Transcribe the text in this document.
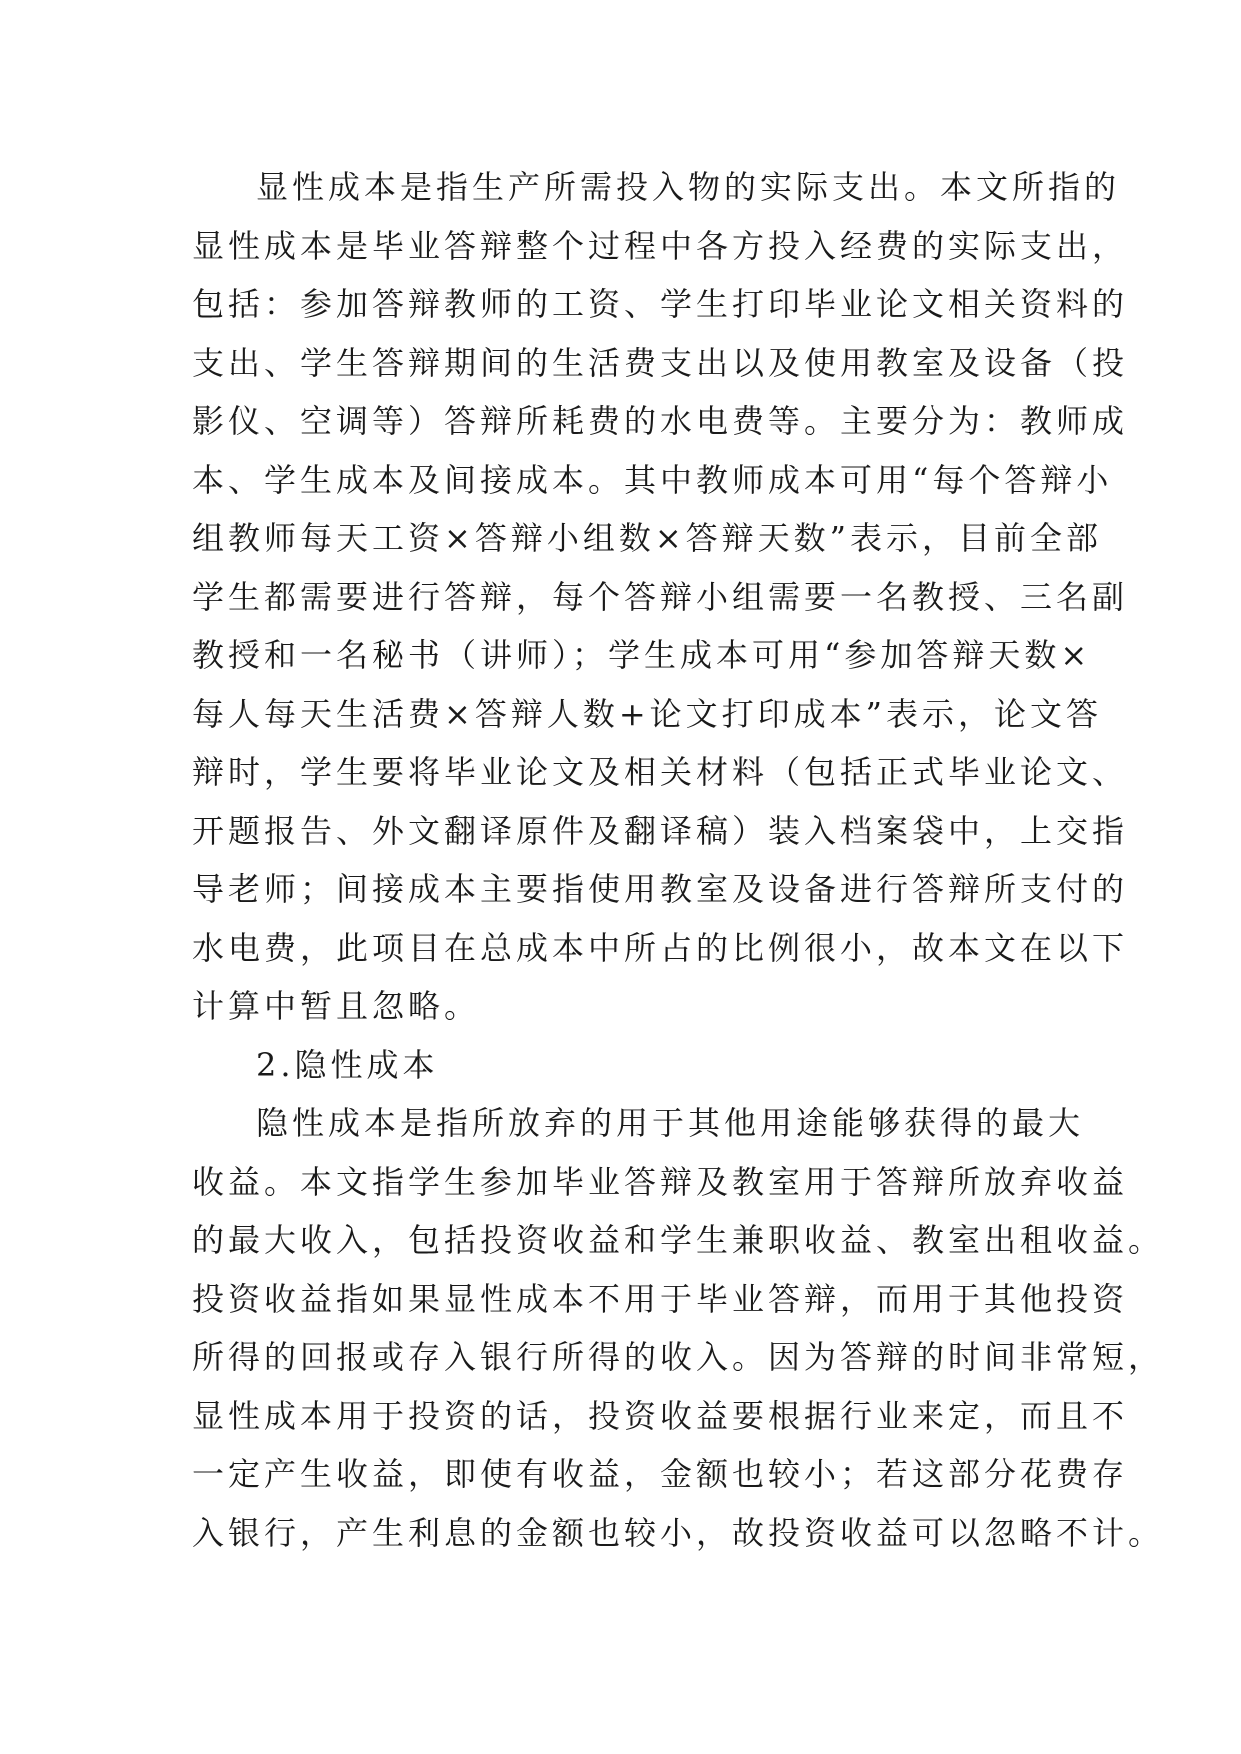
显性成本是指生产所需投入物的实际支出。本文所指的
显性成本是毕业答辩整个过程中各方投入经费的实际支出，
包括：参加答辩教师的工资、学生打印毕业论文相关资料的
支出、学生答辩期间的生活费支出以及使用教室及设备（投
影仪、空调等）答辩所耗费的水电费等。主要分为：教师成
本、学生成本及间接成本。其中教师成本可用“每个答辩小
组教师每天工资×答辩小组数×答辩天数”表示，目前全部
学生都需要进行答辩，每个答辩小组需要一名教授、三名副
教授和一名秘书（讲师）；学生成本可用“参加答辩天数×
每人每天生活费×答辩人数+论文打印成本”表示，论文答
辩时，学生要将毕业论文及相关材料（包括正式毕业论文、
开题报告、外文翻译原件及翻译稿）装入档案袋中，上交指
导老师；间接成本主要指使用教室及设备进行答辩所支付的
水电费，此项目在总成本中所占的比例很小，故本文在以下
计算中暂且忽略。
2.隐性成本
隐性成本是指所放弃的用于其他用途能够获得的最大
收益。本文指学生参加毕业答辩及教室用于答辩所放弃收益
的最大收入，包括投资收益和学生兼职收益、教室出租收益。
投资收益指如果显性成本不用于毕业答辩，而用于其他投资
所得的回报或存入银行所得的收入。因为答辩的时间非常短，
显性成本用于投资的话，投资收益要根据行业来定，而且不
一定产生收益，即使有收益，金额也较小；若这部分花费存
入银行，产生利息的金额也较小，故投资收益可以忽略不计。
